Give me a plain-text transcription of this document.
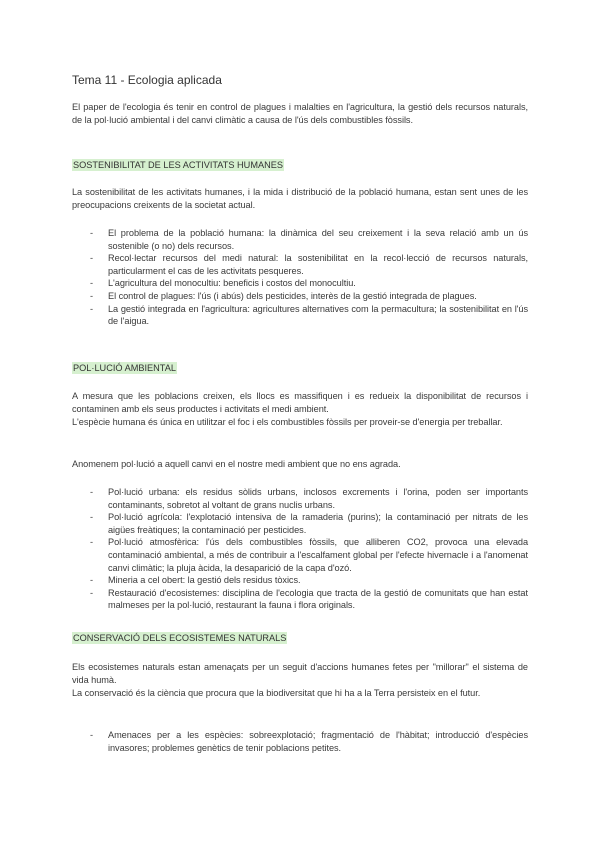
Tema 11 - Ecologia aplicada
El paper de l'ecologia és tenir en control de plagues i malalties en l'agricultura, la gestió dels recursos naturals, de la pol·lució ambiental i del canvi climàtic a causa de l'ús dels combustibles fòssils.
SOSTENIBILITAT DE LES ACTIVITATS HUMANES
La sostenibilitat de les activitats humanes, i la mida i distribució de la població humana, estan sent unes de les preocupacions creixents de la societat actual.
- El problema de la població humana: la dinàmica del seu creixement i la seva relació amb un ús sostenible (o no) dels recursos.
- Recol·lectar recursos del medi natural: la sostenibilitat en la recol·lecció de recursos naturals, particularment el cas de les activitats pesqueres.
- L'agricultura del monocultiu: beneficis i costos del monocultiu.
- El control de plagues: l'ús (i abús) dels pesticides, interès de la gestió integrada de plagues.
- La gestió integrada en l'agricultura: agricultures alternatives com la permacultura; la sostenibilitat en l'ús de l'aigua.
POL·LUCIÓ AMBIENTAL
A mesura que les poblacions creixen, els llocs es massifiquen i es redueix la disponibilitat de recursos i contaminen amb els seus productes i activitats el medi ambient.
L'espècie humana és única en utilitzar el foc i els combustibles fòssils per proveir-se d'energia per treballar.
Anomenem pol·lució a aquell canvi en el nostre medi ambient que no ens agrada.
- Pol·lució urbana: els residus sòlids urbans, inclosos excrements i l'orina, poden ser importants contaminants, sobretot al voltant de grans nuclis urbans.
- Pol·lució agrícola: l'explotació intensiva de la ramaderia (purins); la contaminació per nitrats de les aigües freàtiques; la contaminació per pesticides.
- Pol·lució atmosfèrica: l'ús dels combustibles fòssils, que alliberen CO2, provoca una elevada contaminació ambiental, a més de contribuir a l'escalfament global per l'efecte hivernacle i a l'anomenat canvi climàtic; la pluja àcida, la desaparició de la capa d'ozó.
- Mineria a cel obert: la gestió dels residus tòxics.
- Restauració d'ecosistemes: disciplina de l'ecologia que tracta de la gestió de comunitats que han estat malmeses per la pol·lució, restaurant la fauna i flora originals.
CONSERVACIÓ DELS ECOSISTEMES NATURALS
Els ecosistemes naturals estan amenaçats per un seguit d'accions humanes fetes per "millorar" el sistema de vida humà.
La conservació és la ciència que procura que la biodiversitat que hi ha a la Terra persisteix en el futur.
- Amenaces per a les espècies: sobreexplotació; fragmentació de l'hàbitat; introducció d'espècies invasores; problemes genètics de tenir poblacions petites.
